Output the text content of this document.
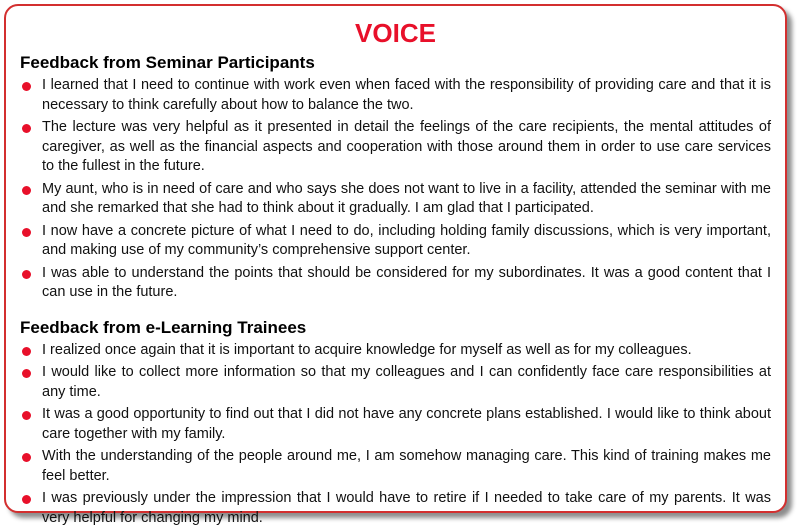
VOICE
Feedback from Seminar Participants
I learned that I need to continue with work even when faced with the responsibility of providing care and that it is necessary to think carefully about how to balance the two.
The lecture was very helpful as it presented in detail the feelings of the care recipients, the mental attitudes of caregiver, as well as the financial aspects and cooperation with those around them in order to use care services to the fullest in the future.
My aunt, who is in need of care and who says she does not want to live in a facility, attended the seminar with me and she remarked that she had to think about it gradually. I am glad that I participated.
I now have a concrete picture of what I need to do, including holding family discussions, which is very important, and making use of my community’s comprehensive support center.
I was able to understand the points that should be considered for my subordinates. It was a good content that I can use in the future.
Feedback from e-Learning Trainees
I realized once again that it is important to acquire knowledge for myself as well as for my colleagues.
I would like to collect more information so that my colleagues and I can confidently face care responsibilities at any time.
It was a good opportunity to find out that I did not have any concrete plans established. I would like to think about care together with my family.
With the understanding of the people around me, I am somehow managing care. This kind of training makes me feel better.
I was previously under the impression that I would have to retire if I needed to take care of my parents. It was very helpful for changing my mind.
